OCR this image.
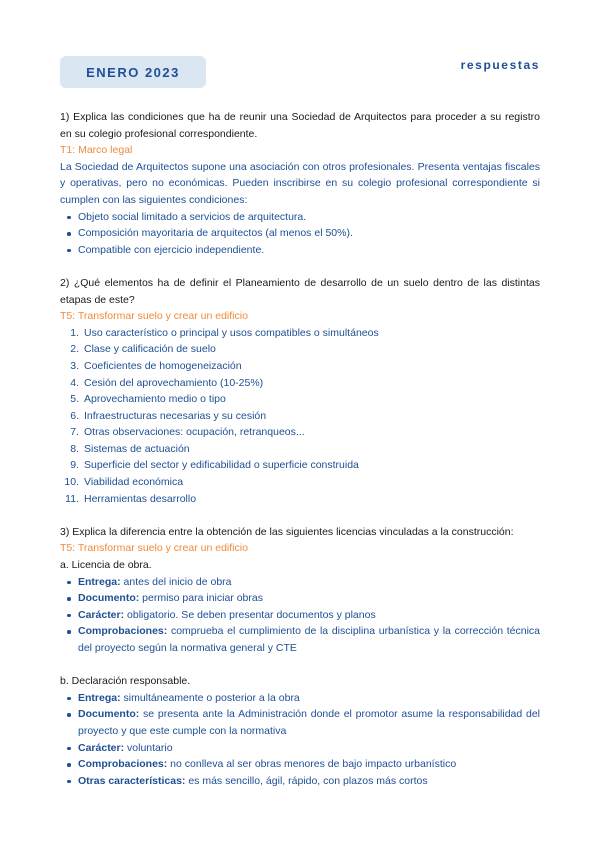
ENERO 2023	respuestas
1) Explica las condiciones que ha de reunir una Sociedad de Arquitectos para proceder a su registro en su colegio profesional correspondiente.
T1: Marco legal
La Sociedad de Arquitectos supone una asociación con otros profesionales. Presenta ventajas fiscales y operativas, pero no económicas. Pueden inscribirse en su colegio profesional correspondiente si cumplen con las siguientes condiciones:
Objeto social limitado a servicios de arquitectura.
Composición mayoritaria de arquitectos (al menos el 50%).
Compatible con ejercicio independiente.
2) ¿Qué elementos ha de definir el Planeamiento de desarrollo de un suelo dentro de las distintas etapas de este?
T5: Transformar suelo y crear un edificio
1. Uso característico o principal y usos compatibles o simultáneos
2. Clase y calificación de suelo
3. Coeficientes de homogeneización
4. Cesión del aprovechamiento (10-25%)
5. Aprovechamiento medio o tipo
6. Infraestructuras necesarias y su cesión
7. Otras observaciones: ocupación, retranqueos...
8. Sistemas de actuación
9. Superficie del sector y edificabilidad o superficie construida
10. Viabilidad económica
11. Herramientas desarrollo
3) Explica la diferencia entre la obtención de las siguientes licencias vinculadas a la construcción:
T5: Transformar suelo y crear un edificio
a. Licencia de obra.
Entrega: antes del inicio de obra
Documento: permiso para iniciar obras
Carácter: obligatorio. Se deben presentar documentos y planos
Comprobaciones: comprueba el cumplimiento de la disciplina urbanística y la corrección técnica del proyecto según la normativa general y CTE
b. Declaración responsable.
Entrega: simultáneamente o posterior a la obra
Documento: se presenta ante la Administración donde el promotor asume la responsabilidad del proyecto y que este cumple con la normativa
Carácter: voluntario
Comprobaciones: no conlleva al ser obras menores de bajo impacto urbanístico
Otras características: es más sencillo, ágil, rápido, con plazos más cortos
